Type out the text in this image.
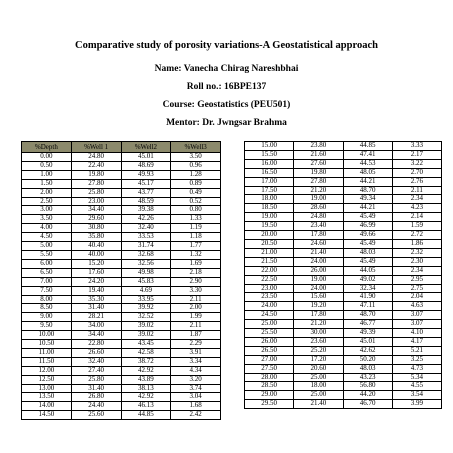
Comparative study of porosity variations-A Geostatistical approach
Name: Vanecha Chirag Nareshbhai
Roll no.: 16BPE137
Course: Geostatistics (PEU501)
Mentor: Dr. Jwngsar Brahma
%Depth	%Well 1	%Well2	%Well3
0.00	24.80	45.01	3.50
0.50	22.40	48.69	0.96
1.00	19.80	49.93	1.28
1.50	27.80	45.17	0.89
2.00	25.80	43.77	0.49
2.50	23.00	48.59	0.52
3.00	34.40	39.38	0.80
3.50	29.60	42.26	1.33
4.00	30.80	32.40	1.19
4.50	35.80	33.53	1.18
5.00	40.40	31.74	1.77
5.50	40.00	32.68	1.32
6.00	15.20	32.56	1.69
6.50	17.60	49.98	2.18
7.00	24.20	45.83	2.90
7.50	19.40	4.69	3.30
8.00	35.30	33.95	2.11
8.50	31.40	39.92	2.00
9.00	28.21	32.52	1.99
9.50	34.00	39.02	2.11
10.00	34.40	39.02	1.87
10.50	22.80	43.45	2.29
11.00	26.60	42.58	3.91
11.50	32.40	38.72	3.34
12.00	27.40	42.92	4.34
12.50	25.80	43.89	3.20
13.00	31.40	38.13	3.74
13.50	26.80	42.92	3.04
14.00	24.40	46.13	1.68
14.50	25.60	44.85	2.42
15.00	23.80	44.85	3.33
15.50	21.60	47.41	2.17
16.00	27.60	44.53	3.22
16.50	19.80	48.05	2.70
17.00	27.80	44.21	2.76
17.50	21.20	48.70	2.11
18.00	19.00	49.34	2.34
18.50	28.60	44.21	4.23
19.00	24.80	45.49	2.14
19.50	23.40	46.99	1.59
20.00	17.80	49.66	2.72
20.50	24.60	45.49	1.86
21.00	21.40	48.03	2.32
21.50	24.00	45.49	2.30
22.00	26.00	44.05	2.34
22.50	19.00	49.02	2.95
23.00	24.00	32.34	2.75
23.50	15.60	41.90	2.04
24.00	19.20	47.11	4.63
24.50	17.80	48.70	3.07
25.00	21.20	46.77	3.07
25.50	30.00	49.39	4.10
26.00	23.60	45.01	4.17
26.50	25.20	42.62	5.21
27.00	17.20	50.20	3.25
27.50	20.60	48.03	4.73
28.00	25.00	43.23	5.34
28.50	18.00	56.80	4.55
29.00	25.00	44.20	3.54
29.50	21.40	46.70	3.99
